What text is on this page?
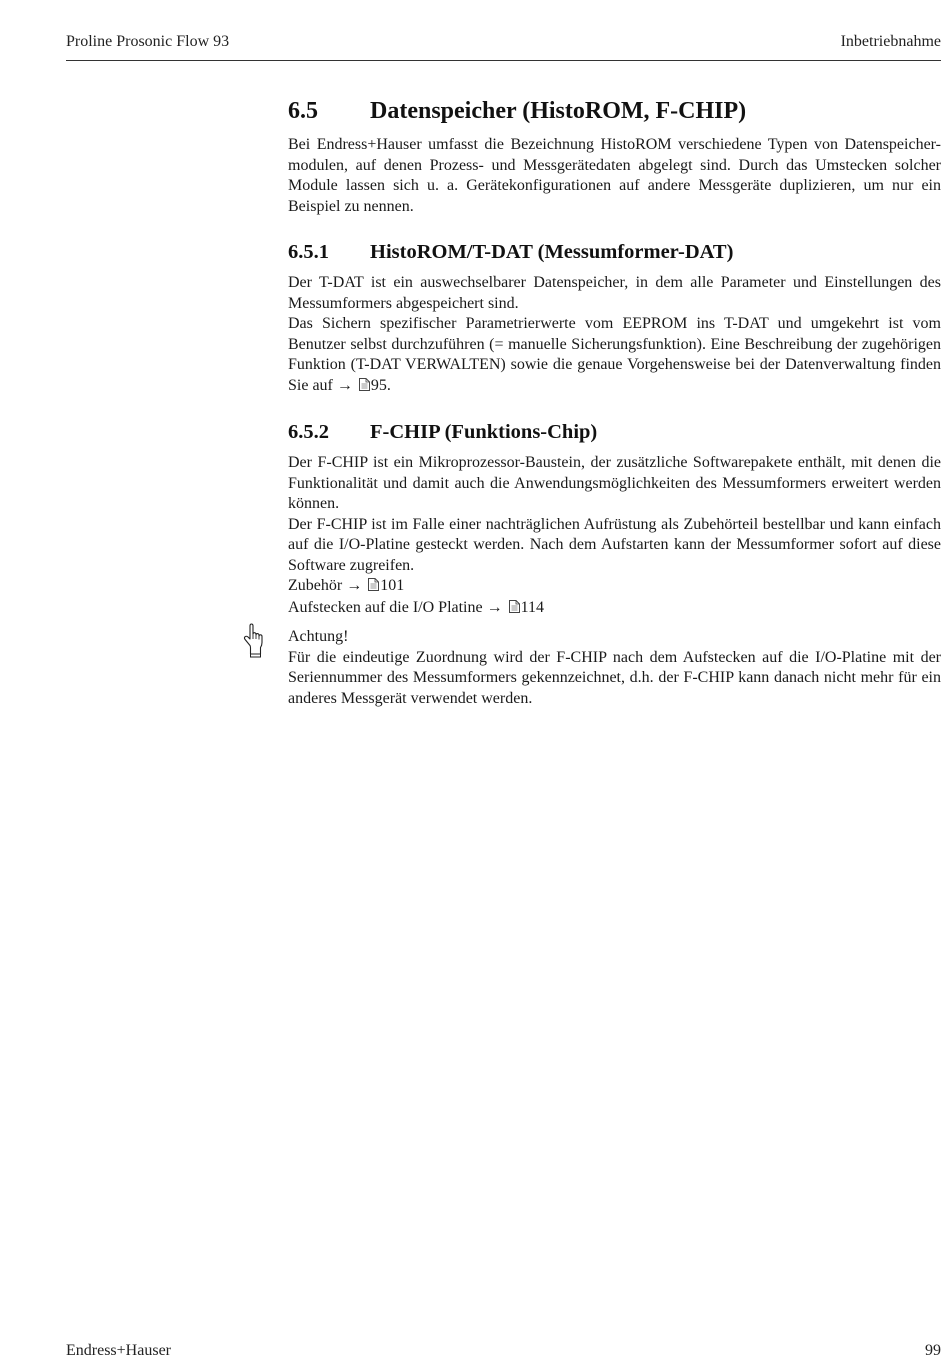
Proline Prosonic Flow 93	Inbetriebnahme
6.5	Datenspeicher (HistoROM, F-CHIP)

Bei Endress+Hauser umfasst die Bezeichnung HistoROM verschiedene Typen von Datenspeicher-modulen, auf denen Prozess- und Messgerätedaten abgelegt sind. Durch das Umstecken solcher Module lassen sich u. a. Gerätekonfigurationen auf andere Messgeräte duplizieren, um nur ein Beispiel zu nennen.

6.5.1	HistoROM/T-DAT (Messumformer-DAT)

Der T-DAT ist ein auswechselbarer Datenspeicher, in dem alle Parameter und Einstellungen des Messumformers abgespeichert sind.

Das Sichern spezifischer Parametrierwerte vom EEPROM ins T-DAT und umgekehrt ist vom Benutzer selbst durchzuführen (= manuelle Sicherungsfunktion). Eine Beschreibung der zugehörigen Funktion (T-DAT VERWALTEN) sowie die genaue Vorgehensweise bei der Datenverwaltung finden Sie auf → 95.

6.5.2	F-CHIP (Funktions-Chip)

Der F-CHIP ist ein Mikroprozessor-Baustein, der zusätzliche Softwarepakete enthält, mit denen die Funktionalität und damit auch die Anwendungsmöglichkeiten des Messumformers erweitert werden können.

Der F-CHIP ist im Falle einer nachträglichen Aufrüstung als Zubehörteil bestellbar und kann einfach auf die I/O-Platine gesteckt werden. Nach dem Aufstarten kann der Messumformer sofort auf diese Software zugreifen.

Zubehör → 101

Aufstecken auf die I/O Platine → 114

Achtung!

Für die eindeutige Zuordnung wird der F-CHIP nach dem Aufstecken auf die I/O-Platine mit der Seriennummer des Messumformers gekennzeichnet, d.h. der F-CHIP kann danach nicht mehr für ein anderes Messgerät verwendet werden.

Endress+Hauser	99
